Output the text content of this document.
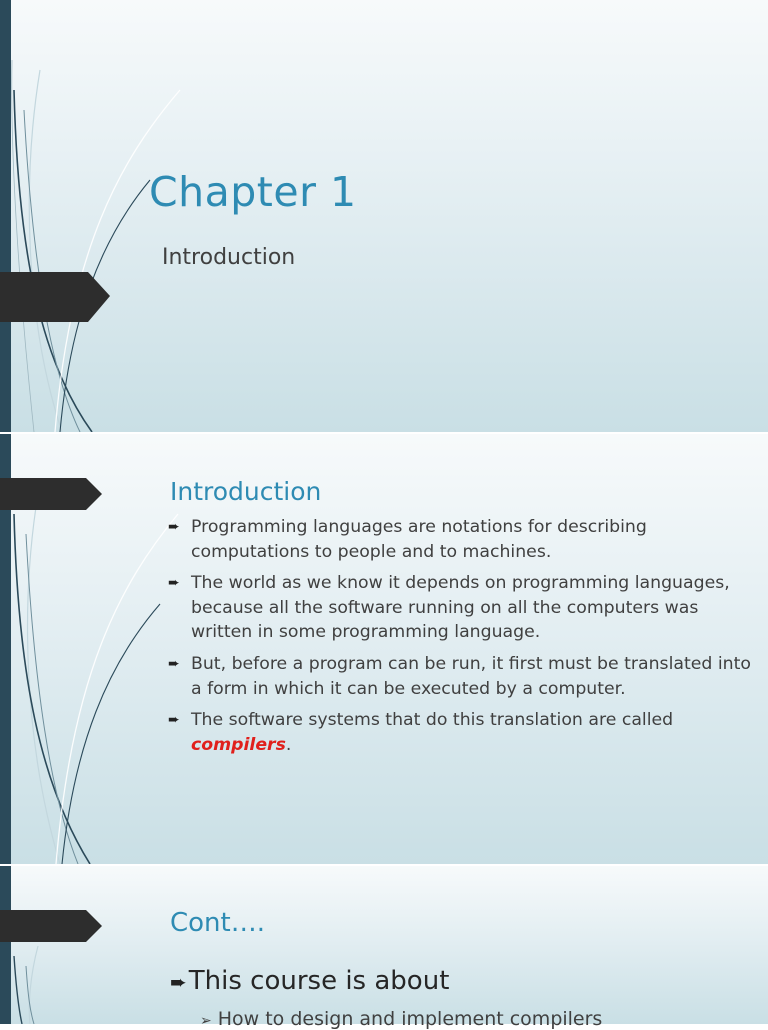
Chapter 1

Introduction

Introduction
➨ Programming languages are notations for describing computations to people and to machines.
➨ The world as we know it depends on programming languages, because all the software running on all the computers was written in some programming language.
➨ But, before a program can be run, it first must be translated into a form in which it can be executed by a computer.
➨ The software systems that do this translation are called compilers.
Cont….
➨This course is about
➢ How to design and implement compilers
